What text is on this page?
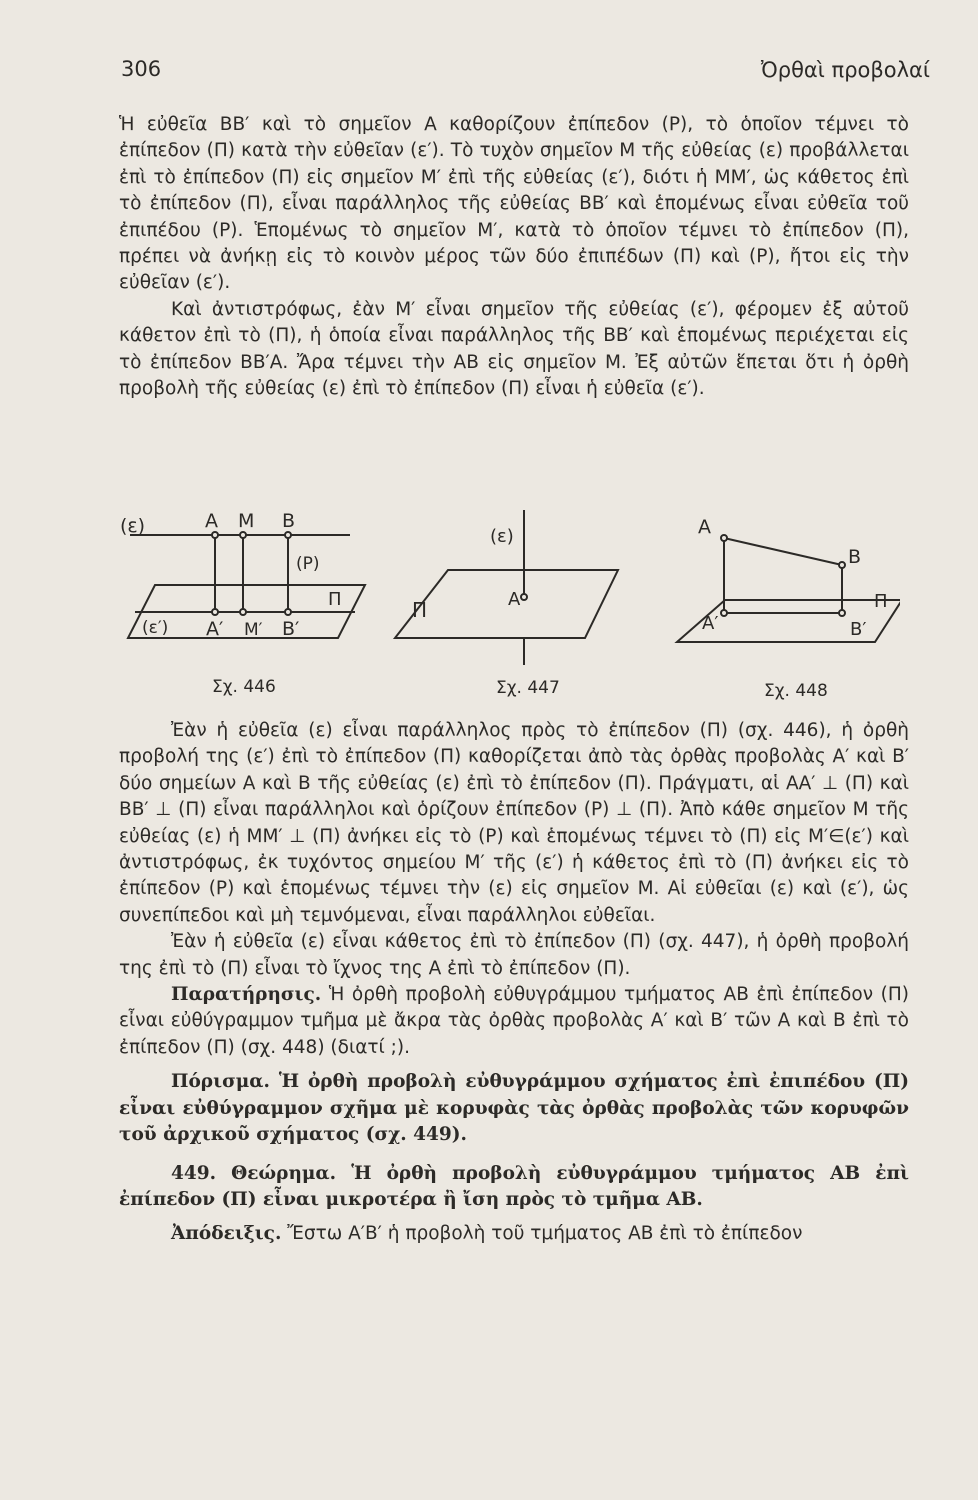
306	Ὀρθαὶ προβολαί

Ἡ εὐθεῖα ΒΒ′ καὶ τὸ σημεῖον Α καθορίζουν ἐπίπεδον (Ρ), τὸ ὁποῖον τέμνει τὸ ἐπίπεδον (Π) κατὰ τὴν εὐθεῖαν (ε′). Τὸ τυχὸν σημεῖον Μ τῆς εὐθείας (ε) προβάλλεται ἐπὶ τὸ ἐπίπεδον (Π) εἰς σημεῖον Μ′ ἐπὶ τῆς εὐθείας (ε′), διότι ἡ ΜΜ′, ὡς κάθετος ἐπὶ τὸ ἐπίπεδον (Π), εἶναι παράλληλος τῆς εὐθείας ΒΒ′ καὶ ἑπομένως εἶναι εὐθεῖα τοῦ ἐπιπέδου (Ρ). Ἑπομένως τὸ σημεῖον Μ′, κατὰ τὸ ὁποῖον τέμνει τὸ ἐπίπεδον (Π), πρέπει νὰ ἀνήκῃ εἰς τὸ κοινὸν μέρος τῶν δύο ἐπιπέδων (Π) καὶ (Ρ), ἤτοι εἰς τὴν εὐθεῖαν (ε′).

Καὶ ἀντιστρόφως, ἐὰν Μ′ εἶναι σημεῖον τῆς εὐθείας (ε′), φέρομεν ἐξ αὐτοῦ κάθετον ἐπὶ τὸ (Π), ἡ ὁποία εἶναι παράλληλος τῆς ΒΒ′ καὶ ἑπομένως περιέχεται εἰς τὸ ἐπίπεδον ΒΒ′Α. Ἄρα τέμνει τὴν ΑΒ εἰς σημεῖον Μ. Ἐξ αὐτῶν ἕπεται ὅτι ἡ ὀρθὴ προβολὴ τῆς εὐθείας (ε) ἐπὶ τὸ ἐπίπεδον (Π) εἶναι ἡ εὐθεῖα (ε′).

(ε)	Α Μ Β
(Ρ)
Π
(ε′) Α′ Μ′ Β′
Σχ. 446
(ε)
Α
Π
Σχ. 447
Α
Β
Π
Α′	Β′
Σχ. 448

Ἐὰν ἡ εὐθεῖα (ε) εἶναι παράλληλος πρὸς τὸ ἐπίπεδον (Π) (σχ. 446), ἡ ὀρθὴ προβολή της (ε′) ἐπὶ τὸ ἐπίπεδον (Π) καθορίζεται ἀπὸ τὰς ὀρθὰς προβολὰς Α′ καὶ Β′ δύο σημείων Α καὶ Β τῆς εὐθείας (ε) ἐπὶ τὸ ἐπίπεδον (Π). Πράγματι, αἱ ΑΑ′ ⊥ (Π) καὶ ΒΒ′ ⊥ (Π) εἶναι παράλληλοι καὶ ὁρίζουν ἐπίπεδον (Ρ) ⊥ (Π). Ἀπὸ κάθε σημεῖον Μ τῆς εὐθείας (ε) ἡ ΜΜ′ ⊥ (Π) ἀνήκει εἰς τὸ (Ρ) καὶ ἑπομένως τέμνει τὸ (Π) εἰς Μ′∈(ε′) καὶ ἀντιστρόφως, ἐκ τυχόντος σημείου Μ′ τῆς (ε′) ἡ κάθετος ἐπὶ τὸ (Π) ἀνήκει εἰς τὸ ἐπίπεδον (Ρ) καὶ ἑπομένως τέμνει τὴν (ε) εἰς σημεῖον Μ. Αἱ εὐθεῖαι (ε) καὶ (ε′), ὡς συνεπίπεδοι καὶ μὴ τεμνόμεναι, εἶναι παράλληλοι εὐθεῖαι.

Ἐὰν ἡ εὐθεῖα (ε) εἶναι κάθετος ἐπὶ τὸ ἐπίπεδον (Π) (σχ. 447), ἡ ὀρθὴ προβολή της ἐπὶ τὸ (Π) εἶναι τὸ ἴχνος της Α ἐπὶ τὸ ἐπίπεδον (Π).

Παρατήρησις. Ἡ ὀρθὴ προβολὴ εὐθυγράμμου τμήματος ΑΒ ἐπὶ ἐπίπεδον (Π) εἶναι εὐθύγραμμον τμῆμα μὲ ἄκρα τὰς ὀρθὰς προβολὰς Α′ καὶ Β′ τῶν Α καὶ Β ἐπὶ τὸ ἐπίπεδον (Π) (σχ. 448) (διατί ;).

Πόρισμα. Ἡ ὀρθὴ προβολὴ εὐθυγράμμου σχήματος ἐπὶ ἐπιπέδου (Π) εἶναι εὐθύγραμμον σχῆμα μὲ κορυφὰς τὰς ὀρθὰς προβολὰς τῶν κορυφῶν τοῦ ἀρχικοῦ σχήματος (σχ. 449).

449. Θεώρημα. Ἡ ὀρθὴ προβολὴ εὐθυγράμμου τμήματος ΑΒ ἐπὶ ἐπίπεδον (Π) εἶναι μικροτέρα ἢ ἴση πρὸς τὸ τμῆμα ΑΒ.

Ἀπόδειξις. Ἔστω Α′Β′ ἡ προβολὴ τοῦ τμήματος ΑΒ ἐπὶ τὸ ἐπίπεδον
